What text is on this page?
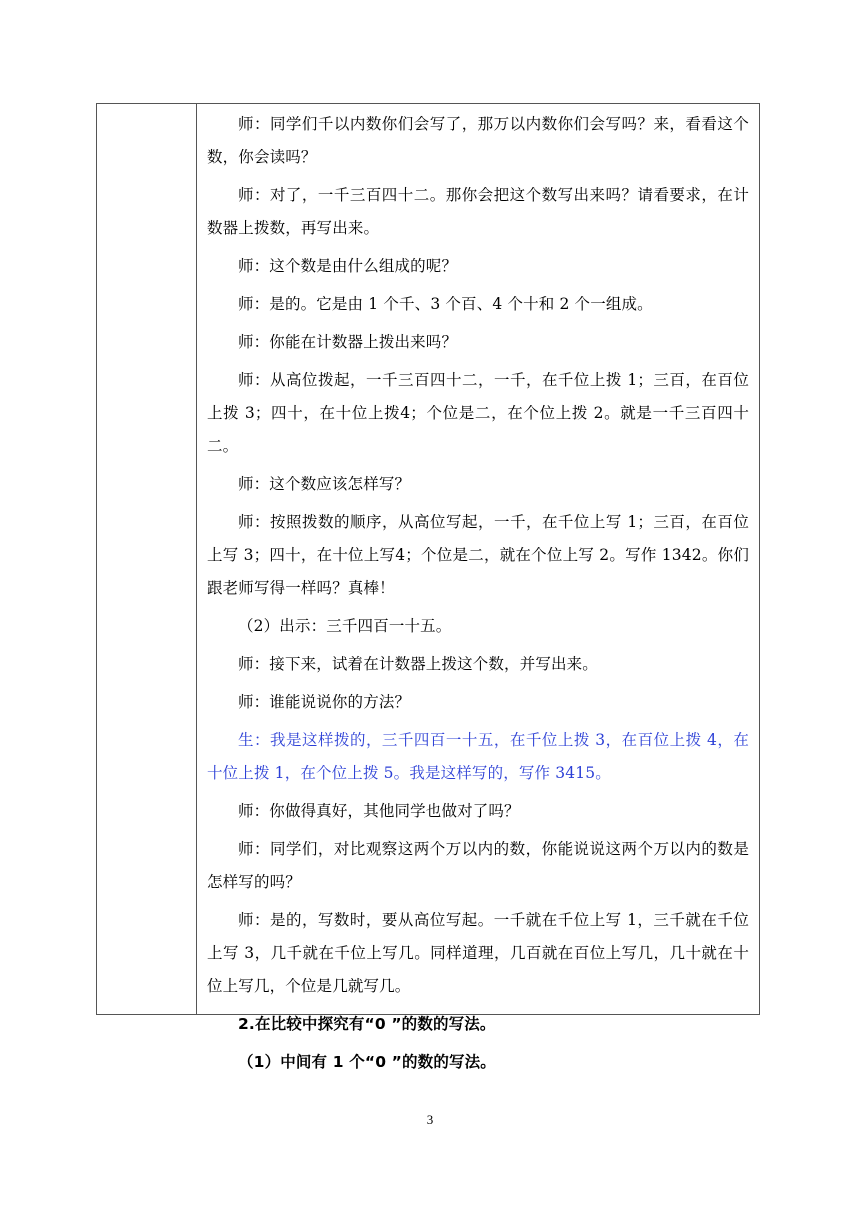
师：同学们千以内数你们会写了，那万以内数你们会写吗？来，看看这个数，你会读吗？

师：对了，一千三百四十二。那你会把这个数写出来吗？请看要求，在计数器上拨数，再写出来。

师：这个数是由什么组成的呢？

师：是的。它是由 1 个千、3 个百、4 个十和 2 个一组成。

师：你能在计数器上拨出来吗？

师：从高位拨起，一千三百四十二，一千，在千位上拨 1；三百，在百位上拨 3；四十，在十位上拨4；个位是二，在个位上拨 2。就是一千三百四十二。

师：这个数应该怎样写？

师：按照拨数的顺序，从高位写起，一千，在千位上写 1；三百，在百位上写 3；四十，在十位上写4；个位是二，就在个位上写 2。写作 1342。你们跟老师写得一样吗？真棒！

（2）出示：三千四百一十五。

师：接下来，试着在计数器上拨这个数，并写出来。

师：谁能说说你的方法？

生：我是这样拨的，三千四百一十五，在千位上拨 3，在百位上拨 4，在十位上拨 1，在个位上拨 5。我是这样写的，写作 3415。

师：你做得真好，其他同学也做对了吗？

师：同学们，对比观察这两个万以内的数，你能说说这两个万以内的数是怎样写的吗？

师：是的，写数时，要从高位写起。一千就在千位上写 1，三千就在千位上写 3，几千就在千位上写几。同样道理，几百就在百位上写几，几十就在十位上写几，个位是几就写几。

2.在比较中探究有“0 ”的数的写法。

（1）中间有 1 个“0 ”的数的写法。

3
